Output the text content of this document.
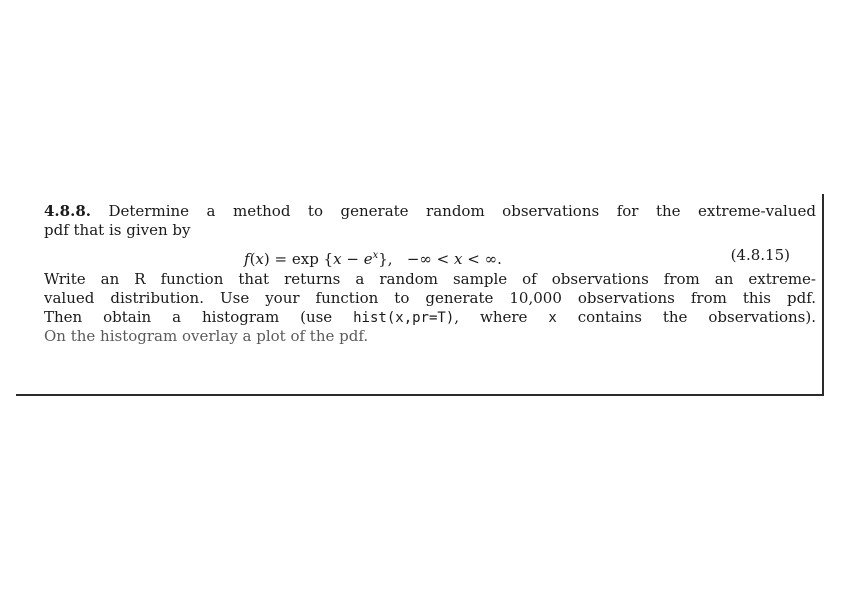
4.8.8. Determine a method to generate random observations for the extreme-valued
pdf that is given by
$f(x) = \exp \{x - e^x\}$, −∞ < x < ∞.	(4.8.15)
Write an R function that returns a random sample of observations from an extreme-
valued distribution. Use your function to generate 10,000 observations from this pdf.
Then obtain a histogram (use hist(x,pr=T), where x contains the observations).
On the histogram overlay a plot of the pdf.
